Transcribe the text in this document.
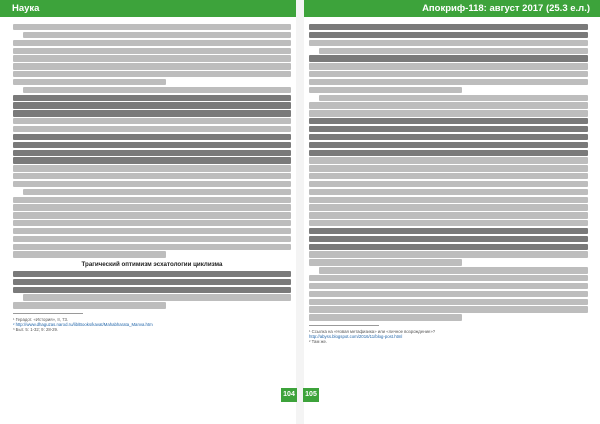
Наука	Апокриф-118: август 2017 (25.3 е.л.)
Трагический оптимизм эсхатологии циклизма
¹ Герадот. «История», II, 73.
² http://www.dhaguzas.narod.ru/lib/Books/kavat/Mahabharata_Manva.htm
³ Быт. 5: 1-32; 9: 28-29.	¹ Ссылка на «Новая метафизика» или «личное возрождение»?
http://abyss.blogspot.com/2016/11/blog-post.html
² Там же.
104	105
